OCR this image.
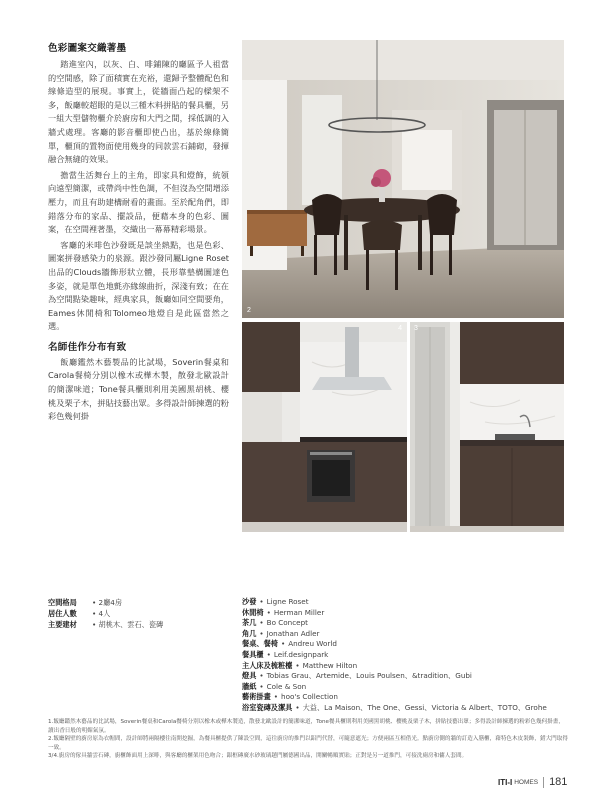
色彩圖案交織著墨

踏進室內，以灰、白、啡鋪陳的廳區予人祖當的空間感，除了面積實在充裕，還歸予整體配色和線條造型的展現。事實上，從牆面凸起的樑架不多，飯廳較超眼的是以三種木料拼貼的餐具櫃，另一組大型儲物櫃介於廚房和大門之間，採低調的入牆式處理。客廳的影音櫃即使凸出，基於線條簡單，櫃頂的置物面使用幾身的同款雲石鋪砌，發揮融合無縫的效果。

擔當生活舞台上的主角，即家具和燈飾，統領向遠型簡潔，或帶尚中性色調，不但沒為空間增添壓力，而且有助建構耐看的畫面。至於配角們，即錯落分布的家品、擺設品，便藉本身的色彩、圖案，在空間裡著墨，交織出一幕幕精彩場景。

客廳的米啡色沙發既是談坐熱點，也是色彩、圖案拼發感染力的泉源。跟沙發同屬Ligne Roset出品的Clouds牆飾形狀立體，長形靠墊構圖達色多姿，就是單色地氈亦緣線曲折，深淺有致；在在為空間點染趣味，經典家具，飯廳如同空間要角，Eames休閒椅和Tolomeo地燈自是此區當然之選。

名師佳作分布有致

飯廳鑑然木藝製品的比試場，Soverin餐桌和Carola餐椅分別以橡木或樺木製，散發北歐設計的簡潔味道；Tone餐具櫃則利用美國黑胡桃、櫻桃及栗子木，拼貼技藝出眾。多得設計師揀選的粉彩色幾何掛

2
4 3
空間格局 • 2廳4房
居住人數 • 4人
主要建材 • 胡桃木、雲石、瓷磚
沙發 • Ligne Roset
休閒椅 • Herman Miller
茶几 • Bo Concept
角几 • Jonathan Adler
餐桌、餐椅 • Andreu World
餐具櫃 • Leif.designpark
主人床及梳粧檯 • Matthew Hilton
燈具 • Tobias Grau、Artemide、Louis Poulsen、&tradition、Gubi
牆紙 • Cole & Son
藝術掛畫 • hoo's Collection
浴室瓷磚及潔具 • 大益、La Maison、The One、Gessi、Victoria & Albert、TOTO、Grohe
1.飯廳鑑然木藝品的比試場，Soverin餐桌和Carola餐椅分別以橡木或樺木製造，散發北歐設計的簡潔味道，Tone餐具櫃則利用美國黑胡桃、櫻桃及栗子木，拼貼技藝出眾；多得設計師揀選的粉彩色幾何掛畫，讀出香日般的明媚氣氛。
2.飯廳隔壁的廚房原為衣帽間，設計師將兩隔樓往南開挖掘，為餐具櫃提供了陳設空間，這往廚房的推門以鋁門代替，可隨意遮光；方便兩區互相借光。點廚房側的牆的訂造入膳櫃，藉特色木皮裝飾，錯大門取得一致。
3/4.廚房的傢具牆雲石磚，廚櫃飾面用上深啡，與客廳的櫃架用色吻合；銀框磚廣水砂玻璃趟門屬德國出品，開關暢順實貼；正對是另一道推門，可接洗廁房和傭人套間。
ITI-I HOMES 181
